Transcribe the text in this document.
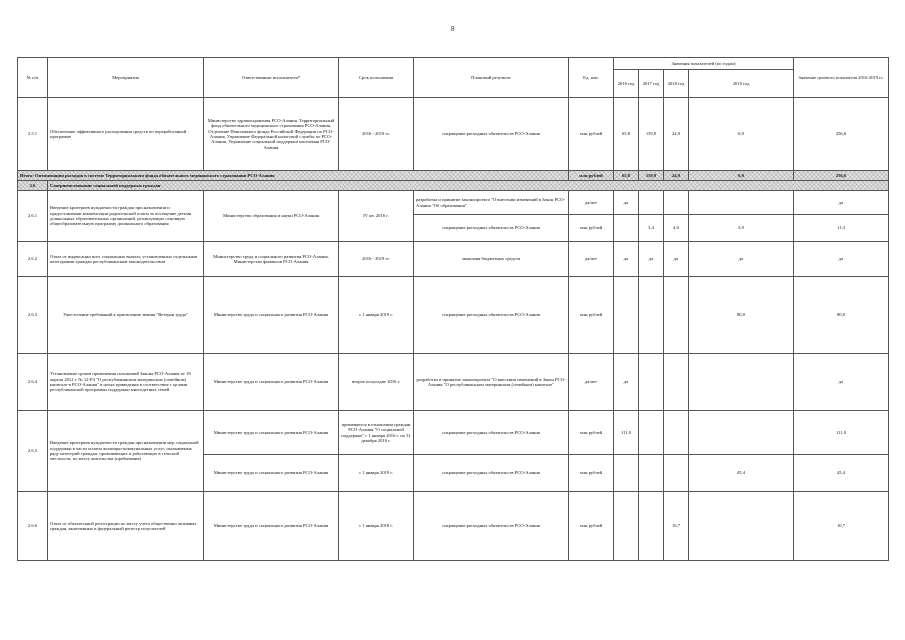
8
№ п/п	Мероприятия	Ответственные исполнители*	Срок исполнения	Плановый результат	Ед. изм.	Значения показателей (по годам)				Значение целевого показателя 2016-2019 гг.
						2016 год	2017 год	2018 год	2019 год	
2.5.1	Обеспечение эффективного расходования средств по переработанной программе	Министерство здравоохранения РСО-Алания, Территориальный фонд обязательного медицинского страхования РСО-Алания, Отделение Пенсионного фонда Российской Федерации по РСО-Алания, Управление Федеральной налоговой службы по РСО-Алания, Управление социальной поддержки населения РСО-Алания	2016 - 2019 гг.	сокращение расходных обязательств РСО-Алания	млн рублей	65,8	159,9	24,9	6,0	256,6
Итого: Оптимизация расходов в системе Территориального фонда обязательного медицинского страхования РСО-Алания					млн рублей	65,8	159,9	24,9	6,0	256,6
2.6	Совершенствование социальной поддержки граждан									
2.6.1	Введение критериев нуждаемости граждан при назначении и предоставлении компенсации родительской платы за посещение детьми дошкольных образовательных организаций, реализующих основную общеобразовательную программу дошкольного образования	Министерство образования и науки РСО-Алания	IV кв. 2016 г.	разработка и принятие законопроекта "О внесении изменений в Закон РСО-Алания "Об образовании"	да/нет	да				да
				сокращение расходных обязательств РСО-Алания	млн рублей		3,4	4,0	3,9	11,3
2.6.2	Отказ от индексации всех социальных выплат, установленных отдельными категориями граждан республиканским законодательством	Министерство труда и социального развития РСО-Алания, Министерство финансов РСО-Алания	2016 - 2019 гг.	экономия бюджетных средств	да/нет	да	да	да	да	да
2.6.3	Ужесточение требований к присвоению звания "Ветеран труда"	Министерство труда и социального развития РСО-Алания	с 1 января 2019 г.	сокращение расходных обязательств РСО-Алания	млн рублей				80,0	80,0
2.6.4	Установление сроков применения положений Закона РСО-Алания от 18 апреля 2012 г. № 12-РЗ "О республиканском материнском (семейном) капитале в РСО-Алания" в целях приведения в соответствие с целями республиканской программы поддержки многодетных семей	Министерство труда и социального развития РСО-Алания	второе полугодие 2016 г.	разработка и принятие законопроекта "О внесении изменений в Закон РСО-Алания "О республиканском материнском (семейном) капитале"	да/нет	да				да
2.6.5	Введение критериев нуждаемости граждан при назначении мер социальной поддержки в части оплаты жилищно-коммунальных услуг, оказываемых ряду категорий граждан, проживающих и работающих в сельской местности, по месту жительства (пребывания)	Министерство труда и социального развития РСО-Алания	применяется в отношении граждан РСО-Алания "О социальной поддержке" с 1 января 2016 г. по 31 декабря 2016 г.	сокращение расходных обязательств РСО-Алания	млн рублей	111,0				111,0
		Министерство труда и социального развития РСО-Алания	с 1 января 2019 г.	сокращение расходных обязательств РСО-Алания	млн рублей				45,4	45,4
2.6.6	Отказ от обязательной регистрации по месту учета общественно активных граждан, включенных в федеральный регистр получателей	Министерство труда и социального развития РСО-Алания	с 1 января 2018 г.	сокращение расходных обязательств РСО-Алания	млн рублей			10,7		10,7
